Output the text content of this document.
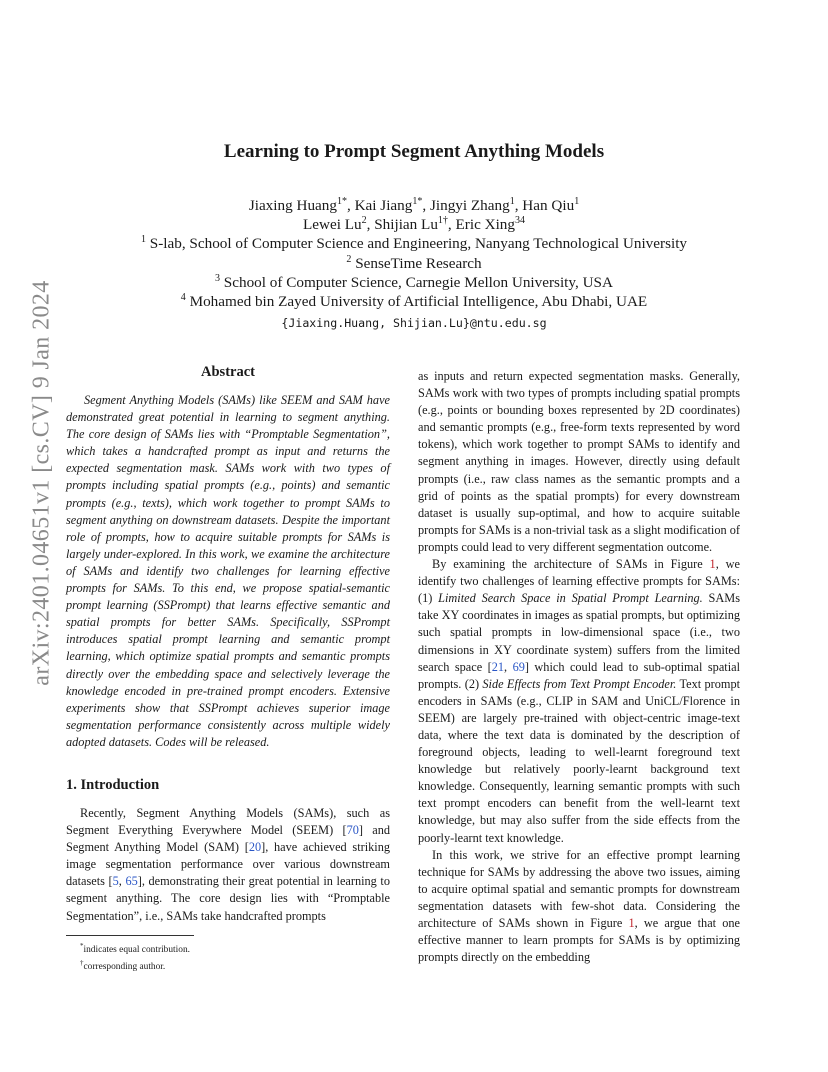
arXiv:2401.04651v1 [cs.CV] 9 Jan 2024
Learning to Prompt Segment Anything Models
Jiaxing Huang$^{1*}$, Kai Jiang$^{1*}$, Jingyi Zhang$^1$, Han Qiu$^1$
Lewei Lu$^2$, Shijian $Lu^{1\dagger}$, Eric Xing$^{34}$
$^1$ S-lab, School of Computer Science and Engineering, Nanyang Technological University
$^2$ SenseTime Research
$^3$ School of Computer Science, Carnegie Mellon University, USA
$^4$ Mohamed bin Zayed University of Artificial Intelligence, Abu Dhabi, UAE
{Jiaxing.Huang, Shijian.Lu}@ntu.edu.sg
Abstract

Segment Anything Models (SAMs) like SEEM and SAM have demonstrated great potential in learning to segment anything. The core design of SAMs lies with “Promptable Segmentation”, which takes a handcrafted prompt as input and returns the expected segmentation mask. SAMs work with two types of prompts including spatial prompts (e.g., points) and semantic prompts (e.g., texts), which work together to prompt SAMs to segment anything on downstream datasets. Despite the important role of prompts, how to acquire suitable prompts for SAMs is largely under-explored. In this work, we examine the architecture of SAMs and identify two challenges for learning effective prompts for SAMs. To this end, we propose spatial-semantic prompt learning (SSPrompt) that learns effective semantic and spatial prompts for better SAMs. Specifically, SSPrompt introduces spatial prompt learning and semantic prompt learning, which optimize spatial prompts and semantic prompts directly over the embedding space and selectively leverage the knowledge encoded in pre-trained prompt encoders. Extensive experiments show that SSPrompt achieves superior image segmentation performance consistently across multiple widely adopted datasets. Codes will be released.

1. Introduction

Recently, Segment Anything Models (SAMs), such as Segment Everything Everywhere Model (SEEM) [70] and Segment Anything Model (SAM) [20], have achieved striking image segmentation performance over various downstream datasets [5, 65], demonstrating their great potential in learning to segment anything. The core design lies with “Promptable Segmentation”, i.e., SAMs take handcrafted prompts

as inputs and return expected segmentation masks. Generally, SAMs work with two types of prompts including spatial prompts (e.g., points or bounding boxes represented by 2D coordinates) and semantic prompts (e.g., free-form texts represented by word tokens), which work together to prompt SAMs to identify and segment anything in images. However, directly using default prompts (i.e., raw class names as the semantic prompts and a grid of points as the spatial prompts) for every downstream dataset is usually sup-optimal, and how to acquire suitable prompts for SAMs is a non-trivial task as a slight modification of prompts could lead to very different segmentation outcome.

By examining the architecture of SAMs in Figure 1, we identify two challenges of learning effective prompts for SAMs: (1) Limited Search Space in Spatial Prompt Learning. SAMs take XY coordinates in images as spatial prompts, but optimizing such spatial prompts in low-dimensional space (i.e., two dimensions in XY coordinate system) suffers from the limited search space [21, 69] which could lead to sub-optimal spatial prompts. (2) Side Effects from Text Prompt Encoder. Text prompt encoders in SAMs (e.g., CLIP in SAM and UniCL/Florence in SEEM) are largely pre-trained with object-centric image-text data, where the text data is dominated by the description of foreground objects, leading to well-learnt foreground text knowledge but relatively poorly-learnt background text knowledge. Consequently, learning semantic prompts with such text prompt encoders can benefit from the well-learnt text knowledge, but may also suffer from the side effects from the poorly-learnt text knowledge.

In this work, we strive for an effective prompt learning technique for SAMs by addressing the above two issues, aiming to acquire optimal spatial and semantic prompts for downstream segmentation datasets with few-shot data. Considering the architecture of SAMs shown in Figure 1, we argue that one effective manner to learn prompts for SAMs is by optimizing prompts directly on the embedding

*indicates equal contribution.
†corresponding author.
